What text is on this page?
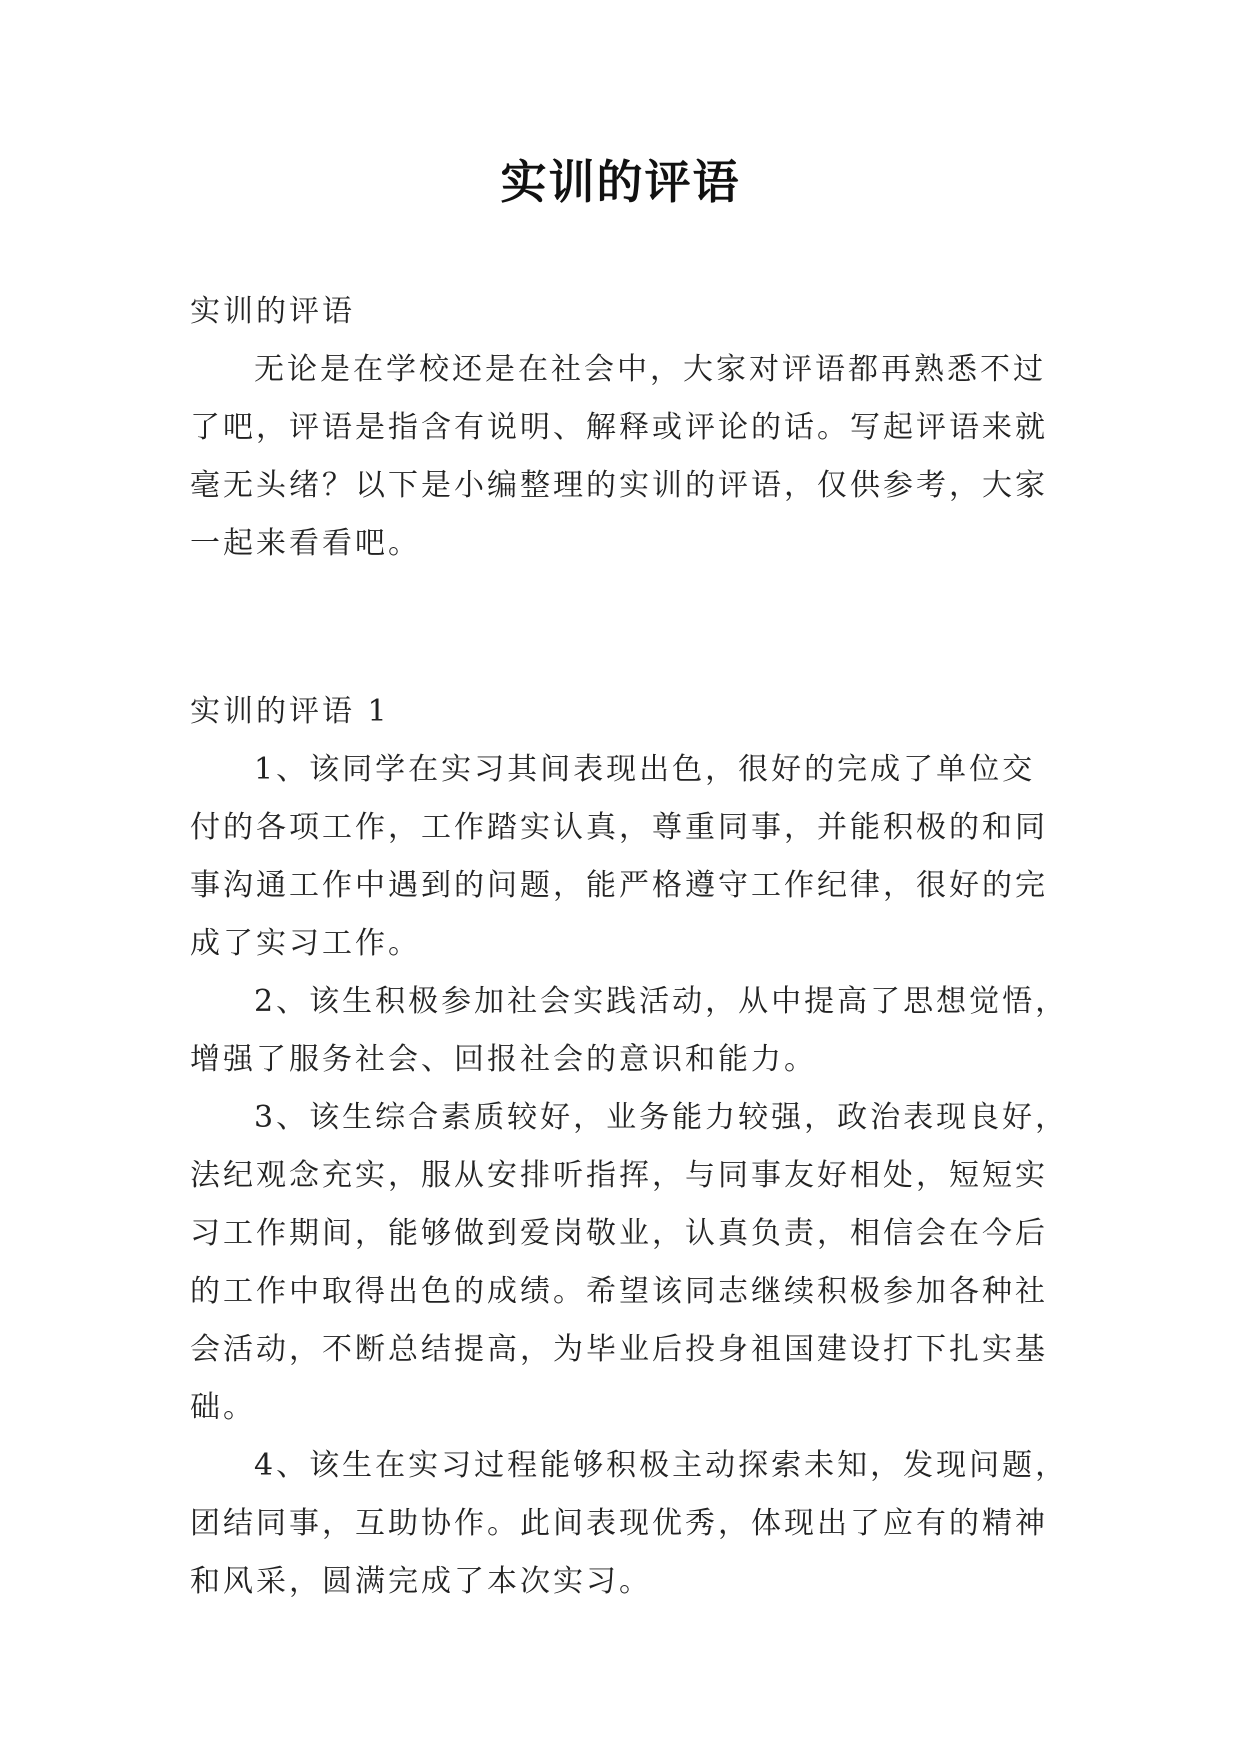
实训的评语
实训的评语
无论是在学校还是在社会中，大家对评语都再熟悉不过
了吧，评语是指含有说明、解释或评论的话。写起评语来就
毫无头绪？以下是小编整理的实训的评语，仅供参考，大家
一起来看看吧。
实训的评语 1
1、该同学在实习其间表现出色，很好的完成了单位交
付的各项工作，工作踏实认真，尊重同事，并能积极的和同
事沟通工作中遇到的问题，能严格遵守工作纪律，很好的完
成了实习工作。
2、该生积极参加社会实践活动，从中提高了思想觉悟，
增强了服务社会、回报社会的意识和能力。
3、该生综合素质较好，业务能力较强，政治表现良好，
法纪观念充实，服从安排听指挥，与同事友好相处，短短实
习工作期间，能够做到爱岗敬业，认真负责，相信会在今后
的工作中取得出色的成绩。希望该同志继续积极参加各种社
会活动，不断总结提高，为毕业后投身祖国建设打下扎实基
础。
4、该生在实习过程能够积极主动探索未知，发现问题，
团结同事，互助协作。此间表现优秀，体现出了应有的精神
和风采，圆满完成了本次实习。
